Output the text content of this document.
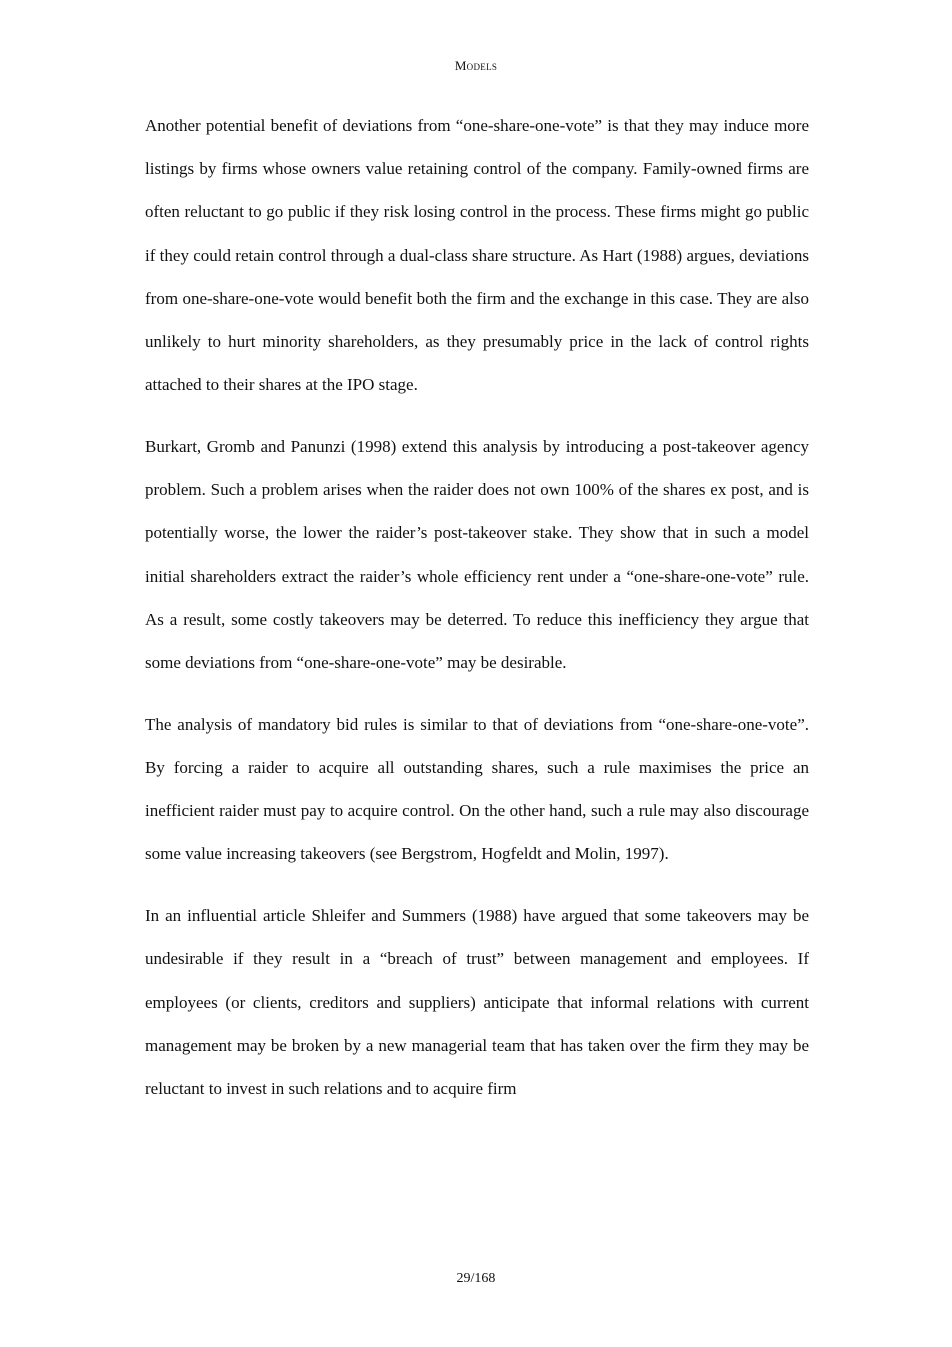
Models

Another potential benefit of deviations from “one-share-one-vote” is that they may induce more listings by firms whose owners value retaining control of the company. Family-owned firms are often reluctant to go public if they risk losing control in the process. These firms might go public if they could retain control through a dual-class share structure. As Hart (1988) argues, deviations from one-share-one-vote would benefit both the firm and the exchange in this case. They are also unlikely to hurt minority shareholders, as they presumably price in the lack of control rights attached to their shares at the IPO stage.

Burkart, Gromb and Panunzi (1998) extend this analysis by introducing a post-takeover agency problem. Such a problem arises when the raider does not own 100% of the shares ex post, and is potentially worse, the lower the raider’s post-takeover stake. They show that in such a model initial shareholders extract the raider’s whole efficiency rent under a “one-share-one-vote” rule. As a result, some costly takeovers may be deterred. To reduce this inefficiency they argue that some deviations from “one-share-one-vote” may be desirable.

The analysis of mandatory bid rules is similar to that of deviations from “one-share-one-vote”. By forcing a raider to acquire all outstanding shares, such a rule maximises the price an inefficient raider must pay to acquire control. On the other hand, such a rule may also discourage some value increasing takeovers (see Bergstrom, Hogfeldt and Molin, 1997).

In an influential article Shleifer and Summers (1988) have argued that some takeovers may be undesirable if they result in a “breach of trust” between management and employees. If employees (or clients, creditors and suppliers) anticipate that informal relations with current management may be broken by a new managerial team that has taken over the firm they may be reluctant to invest in such relations and to acquire firm

29/168
